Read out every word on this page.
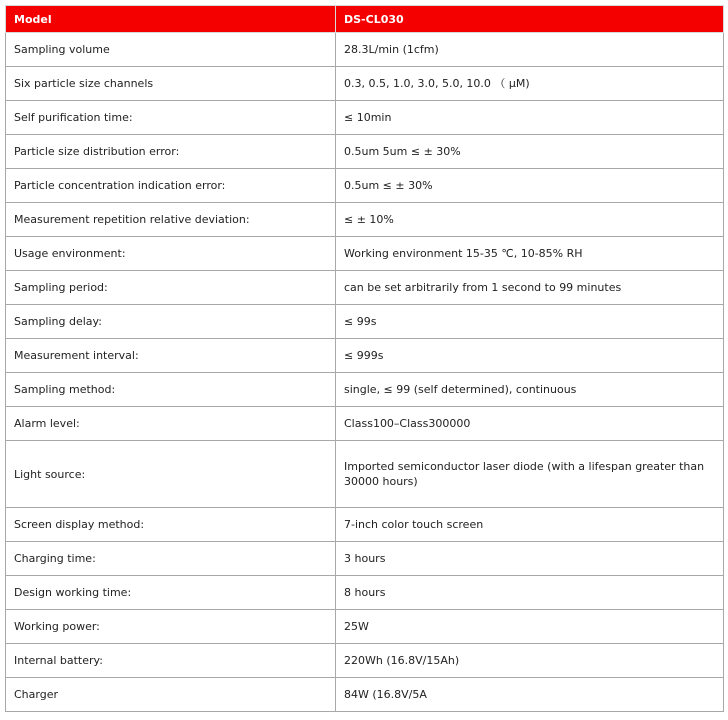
Model	DS-CL030
Sampling volume	28.3L/min (1cfm)
Six particle size channels	0.3, 0.5, 1.0, 3.0, 5.0, 10.0 （ μM)
Self purification time:	≤ 10min
Particle size distribution error:	0.5um 5um ≤ ± 30%
Particle concentration indication error:	0.5um ≤ ± 30%
Measurement repetition relative deviation:	≤ ± 10%
Usage environment:	Working environment 15-35 ℃, 10-85% RH
Sampling period:	can be set arbitrarily from 1 second to 99 minutes
Sampling delay:	≤ 99s
Measurement interval:	≤ 999s
Sampling method:	single, ≤ 99 (self determined), continuous
Alarm level:	Class100–Class300000
Light source:	Imported semiconductor laser diode (with a lifespan greater than 30000 hours)
Screen display method:	7-inch color touch screen
Charging time:	3 hours
Design working time:	8 hours
Working power:	25W
Internal battery:	220Wh (16.8V/15Ah)
Charger	84W (16.8V/5A
